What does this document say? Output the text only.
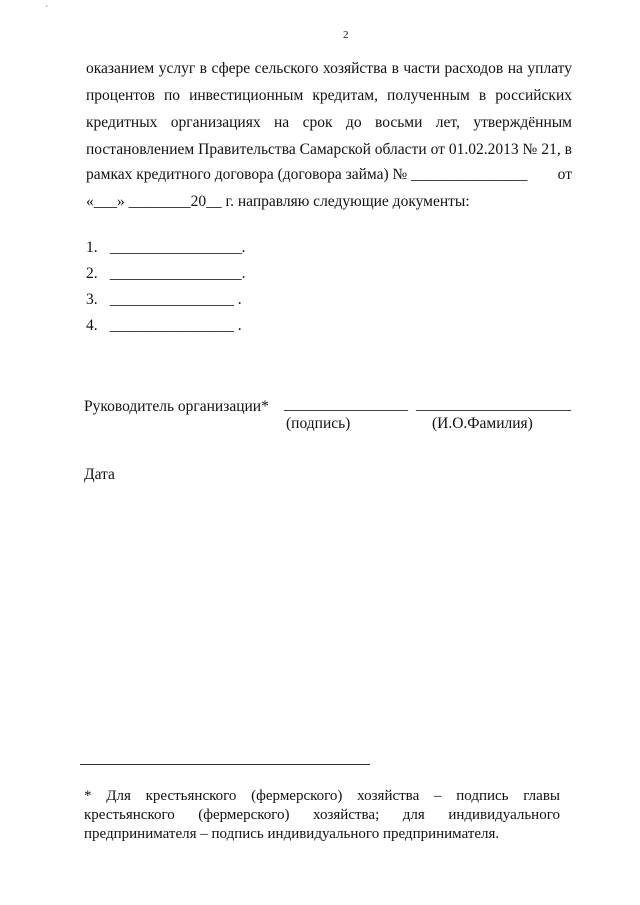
`
2
оказанием услуг в сфере сельского хозяйства в части расходов на уплату
процентов по инвестиционным кредитам, полученным в российских
кредитных организациях на срок до восьми лет, утверждённым
постановлением Правительства Самарской области от 01.02.2013 № 21, в
рамках кредитного договора (договора займа) № _______________ от
«___» ________20__ г. направляю следующие документы:
1. _________________.
2. _________________.
3. ________________ .
4. ________________ .
Руководитель организации* ________________ ____________________
(подпись)	(И.О.Фамилия)
Дата
* Для крестьянского (фермерского) хозяйства – подпись главы
крестьянского (фермерского) хозяйства; для индивидуального
предпринимателя – подпись индивидуального предпринимателя.
